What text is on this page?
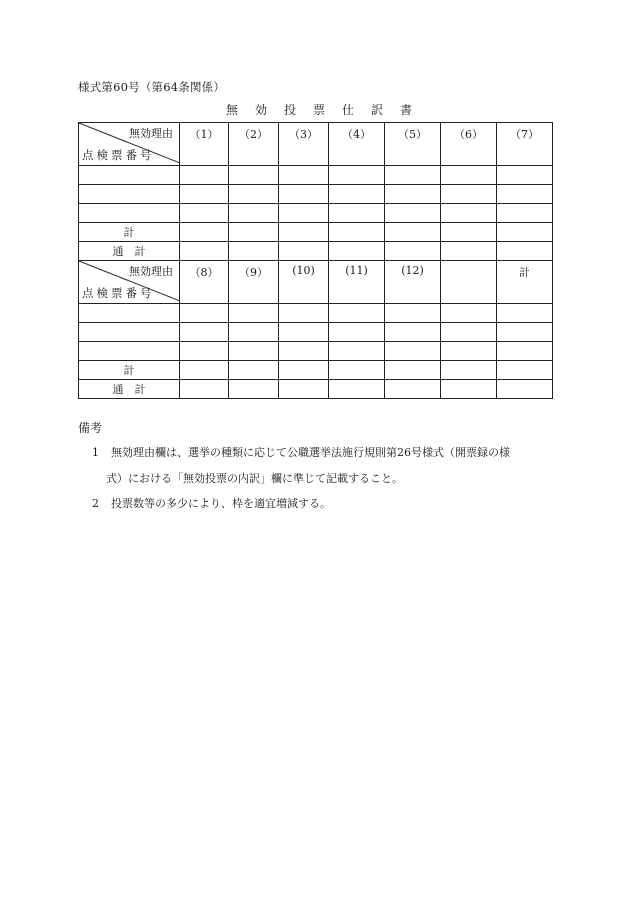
様式第60号（第64条関係）
無効投票仕訳書
無効理由
点検票番号	（1）	（2）	（3）	（4）	（5）	（6）	（7）

計							
通　計							

無効理由
点検票番号	（8）	（9）	(10)	(11)	(12)		計

計							
通　計							
備考
1 無効理由欄は、選挙の種類に応じて公職選挙法施行規則第26号様式（開票録の様
式）における「無効投票の内訳」欄に準じて記載すること。
2 投票数等の多少により、枠を適宜増減する。
